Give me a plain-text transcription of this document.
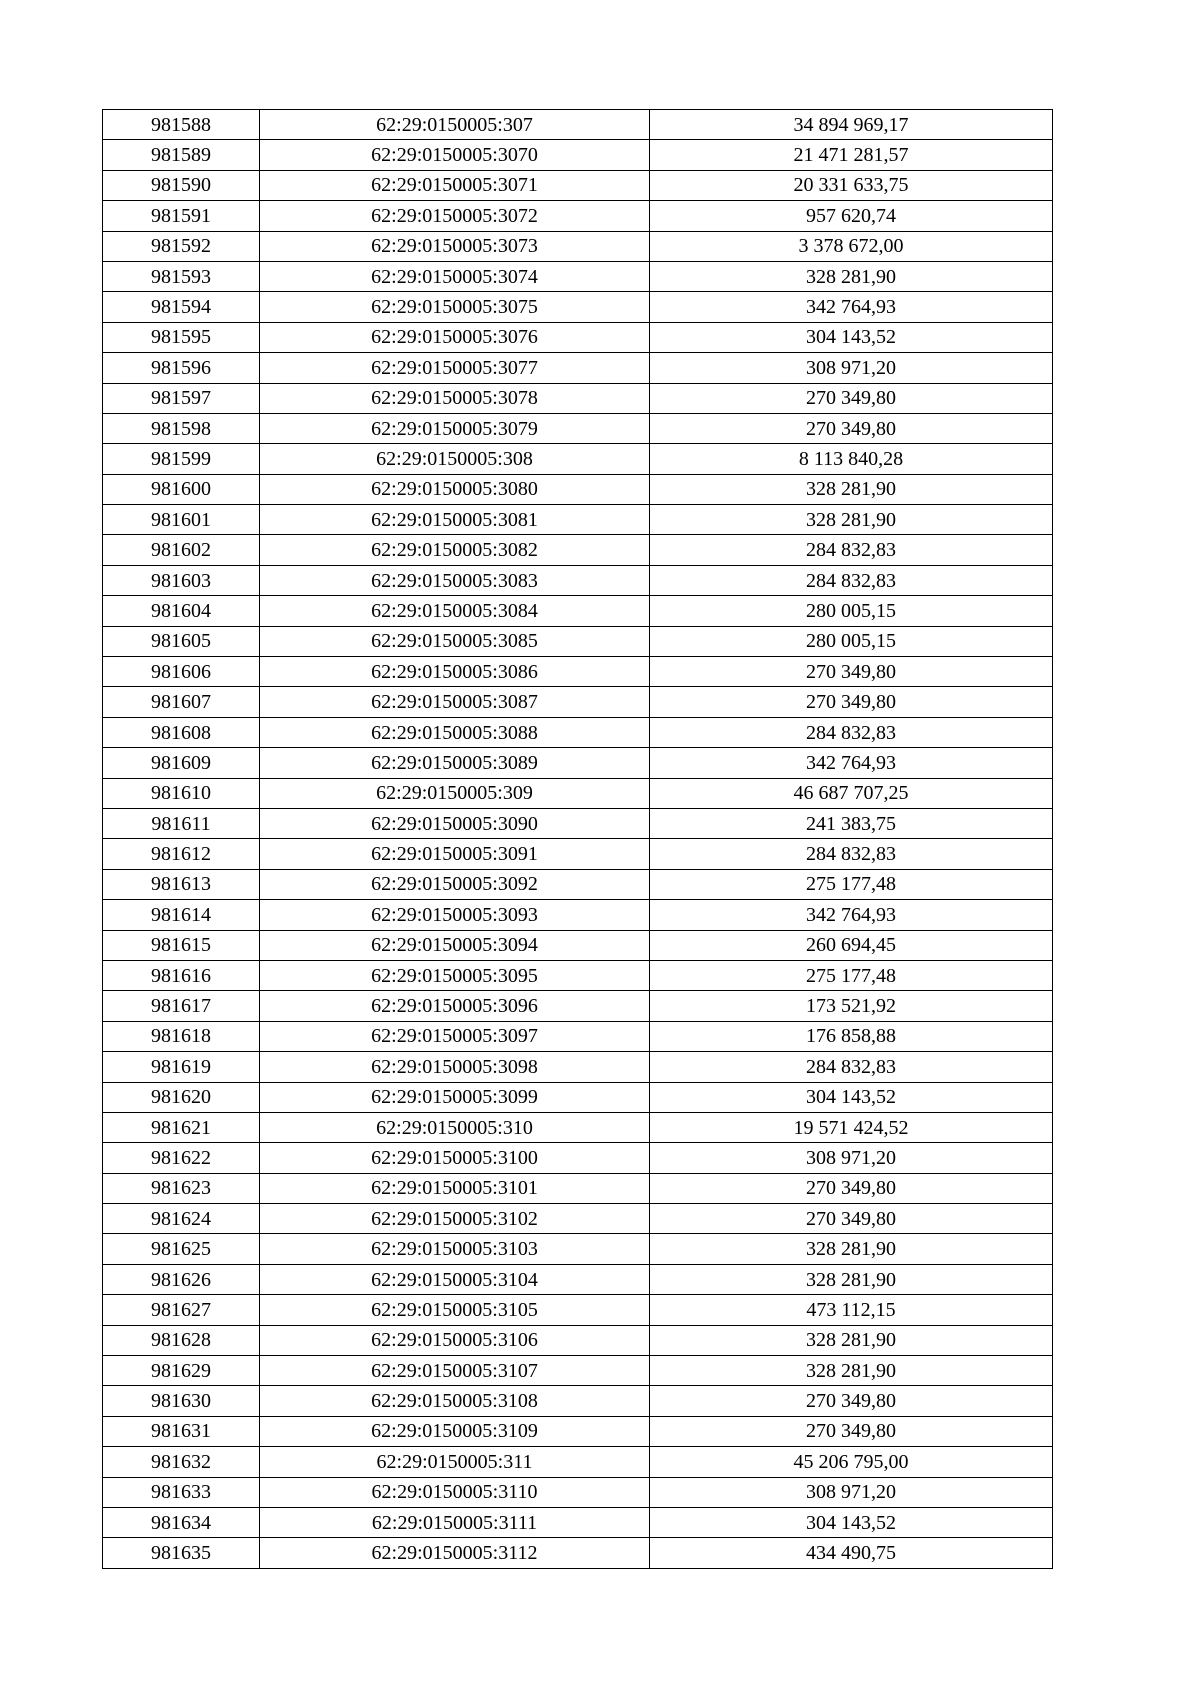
981588	62:29:0150005:307	34 894 969,17
981589	62:29:0150005:3070	21 471 281,57
981590	62:29:0150005:3071	20 331 633,75
981591	62:29:0150005:3072	957 620,74
981592	62:29:0150005:3073	3 378 672,00
981593	62:29:0150005:3074	328 281,90
981594	62:29:0150005:3075	342 764,93
981595	62:29:0150005:3076	304 143,52
981596	62:29:0150005:3077	308 971,20
981597	62:29:0150005:3078	270 349,80
981598	62:29:0150005:3079	270 349,80
981599	62:29:0150005:308	8 113 840,28
981600	62:29:0150005:3080	328 281,90
981601	62:29:0150005:3081	328 281,90
981602	62:29:0150005:3082	284 832,83
981603	62:29:0150005:3083	284 832,83
981604	62:29:0150005:3084	280 005,15
981605	62:29:0150005:3085	280 005,15
981606	62:29:0150005:3086	270 349,80
981607	62:29:0150005:3087	270 349,80
981608	62:29:0150005:3088	284 832,83
981609	62:29:0150005:3089	342 764,93
981610	62:29:0150005:309	46 687 707,25
981611	62:29:0150005:3090	241 383,75
981612	62:29:0150005:3091	284 832,83
981613	62:29:0150005:3092	275 177,48
981614	62:29:0150005:3093	342 764,93
981615	62:29:0150005:3094	260 694,45
981616	62:29:0150005:3095	275 177,48
981617	62:29:0150005:3096	173 521,92
981618	62:29:0150005:3097	176 858,88
981619	62:29:0150005:3098	284 832,83
981620	62:29:0150005:3099	304 143,52
981621	62:29:0150005:310	19 571 424,52
981622	62:29:0150005:3100	308 971,20
981623	62:29:0150005:3101	270 349,80
981624	62:29:0150005:3102	270 349,80
981625	62:29:0150005:3103	328 281,90
981626	62:29:0150005:3104	328 281,90
981627	62:29:0150005:3105	473 112,15
981628	62:29:0150005:3106	328 281,90
981629	62:29:0150005:3107	328 281,90
981630	62:29:0150005:3108	270 349,80
981631	62:29:0150005:3109	270 349,80
981632	62:29:0150005:311	45 206 795,00
981633	62:29:0150005:3110	308 971,20
981634	62:29:0150005:3111	304 143,52
981635	62:29:0150005:3112	434 490,75
